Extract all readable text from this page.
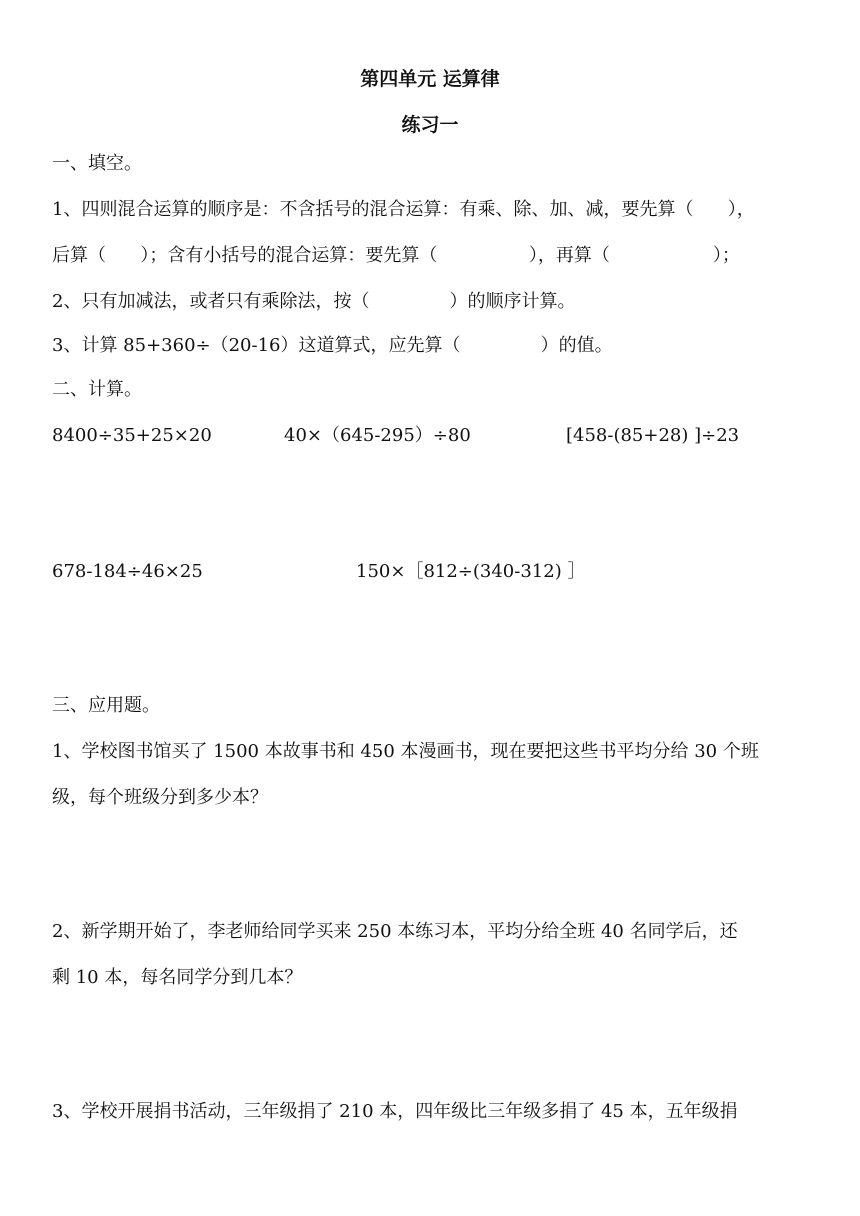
第四单元 运算律
练习一
一、填空。
1、四则混合运算的顺序是：不含括号的混合运算：有乘、除、加、减，要先算（      ），
后算（      ）；含有小括号的混合运算：要先算（                ），再算（                  ）；
2、只有加减法，或者只有乘除法，按（              ）的顺序计算。
3、计算 85+360÷（20-16）这道算式，应先算（              ）的值。
二、计算。
8400÷35+25×20	40×（645-295）÷80	[458-(85+28) ]÷23
678-184÷46×25	150×［812÷(340-312) ］
三、应用题。
1、学校图书馆买了 1500 本故事书和 450 本漫画书，现在要把这些书平均分给 30 个班
级，每个班级分到多少本？
2、新学期开始了，李老师给同学买来 250 本练习本，平均分给全班 40 名同学后，还
剩 10 本，每名同学分到几本？
3、学校开展捐书活动，三年级捐了 210 本，四年级比三年级多捐了 45 本，五年级捐
